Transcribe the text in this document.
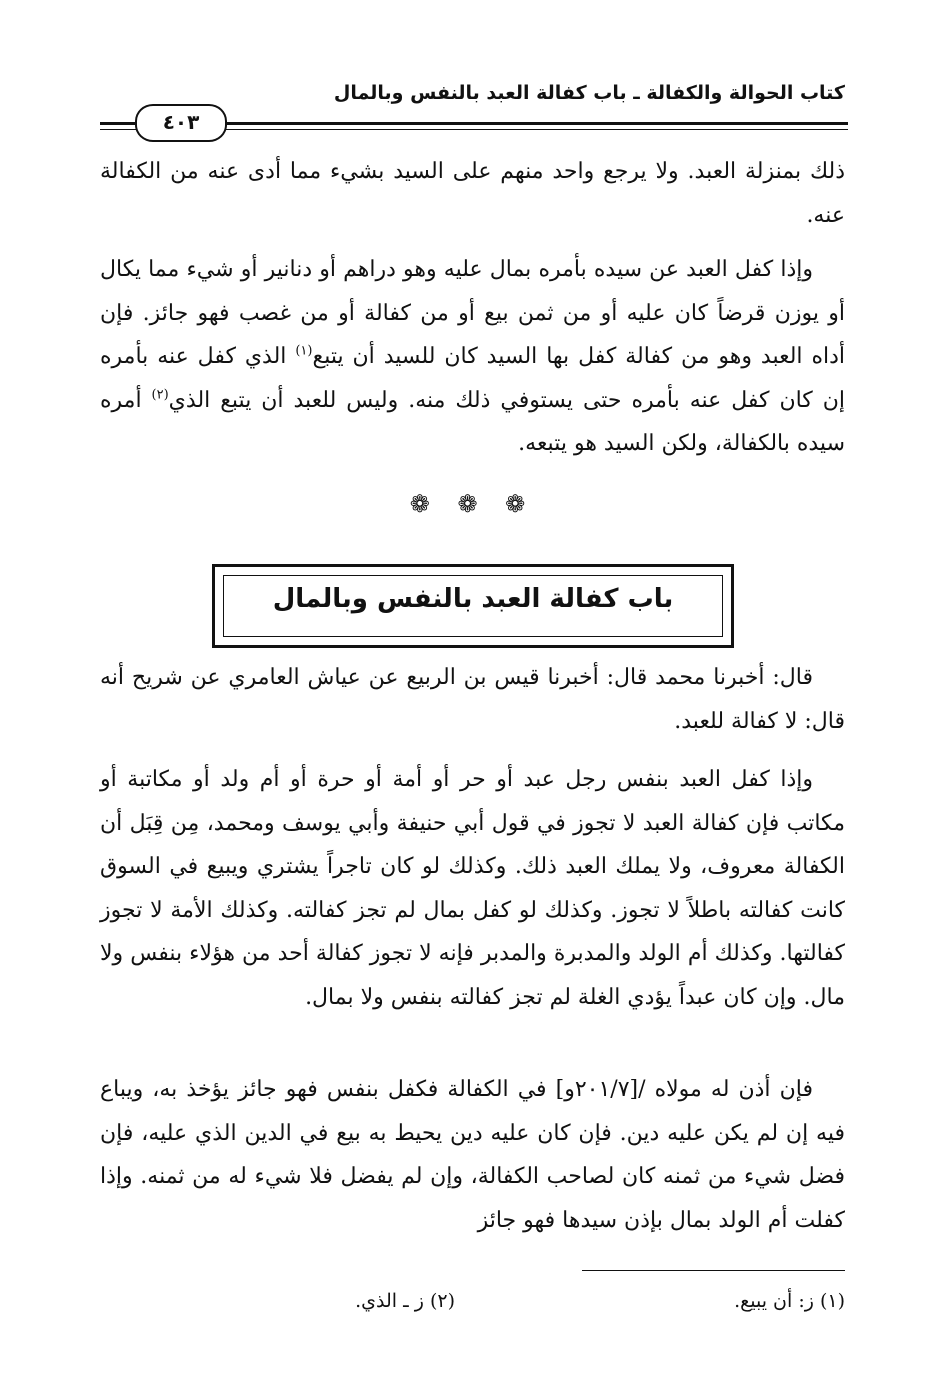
كتاب الحوالة والكفالة ـ باب كفالة العبد بالنفس وبالمال
٤٠٣

ذلك بمنزلة العبد. ولا يرجع واحد منهم على السيد بشيء مما أدى عنه من الكفالة عنه.

وإذا كفل العبد عن سيده بأمره بمال عليه وهو دراهم أو دنانير أو شيء مما يكال أو يوزن قرضاً كان عليه أو من ثمن بيع أو من كفالة أو من غصب فهو جائز. فإن أداه العبد وهو من كفالة كفل بها السيد كان للسيد أن يتبع$^{(١)}$ الذي كفل عنه بأمره إن كان كفل عنه بأمره حتى يستوفي ذلك منه. وليس للعبد أن يتبع الذي$^{(٢)}$ أمره سيده بالكفالة، ولكن السيد هو يتبعه.

❁ ❁ ❁
باب كفالة العبد بالنفس وبالمال

قال: أخبرنا محمد قال: أخبرنا قيس بن الربيع عن عياش العامري عن شريح أنه قال: لا كفالة للعبد.

وإذا كفل العبد بنفس رجل عبد أو حر أو أمة أو حرة أو أم ولد أو مكاتبة أو مكاتب فإن كفالة العبد لا تجوز في قول أبي حنيفة وأبي يوسف ومحمد، مِن قِبَل أن الكفالة معروف، ولا يملك العبد ذلك. وكذلك لو كان تاجراً يشتري ويبيع في السوق كانت كفالته باطلاً لا تجوز. وكذلك لو كفل بمال لم تجز كفالته. وكذلك الأمة لا تجوز كفالتها. وكذلك أم الولد والمدبرة والمدبر فإنه لا تجوز كفالة أحد من هؤلاء بنفس ولا مال. وإن كان عبداً يؤدي الغلة لم تجز كفالته بنفس ولا بمال.

فإن أذن له مولاه /[٢٠١/٧و] في الكفالة فكفل بنفس فهو جائز يؤخذ به، ويباع فيه إن لم يكن عليه دين. فإن كان عليه دين يحيط به بيع في الدين الذي عليه، فإن فضل شيء من ثمنه كان لصاحب الكفالة، وإن لم يفضل فلا شيء له من ثمنه. وإذا كفلت أم الولد بمال بإذن سيدها فهو جائز

(١) ز: أن يبيع.
(٢) ز ـ الذي.
